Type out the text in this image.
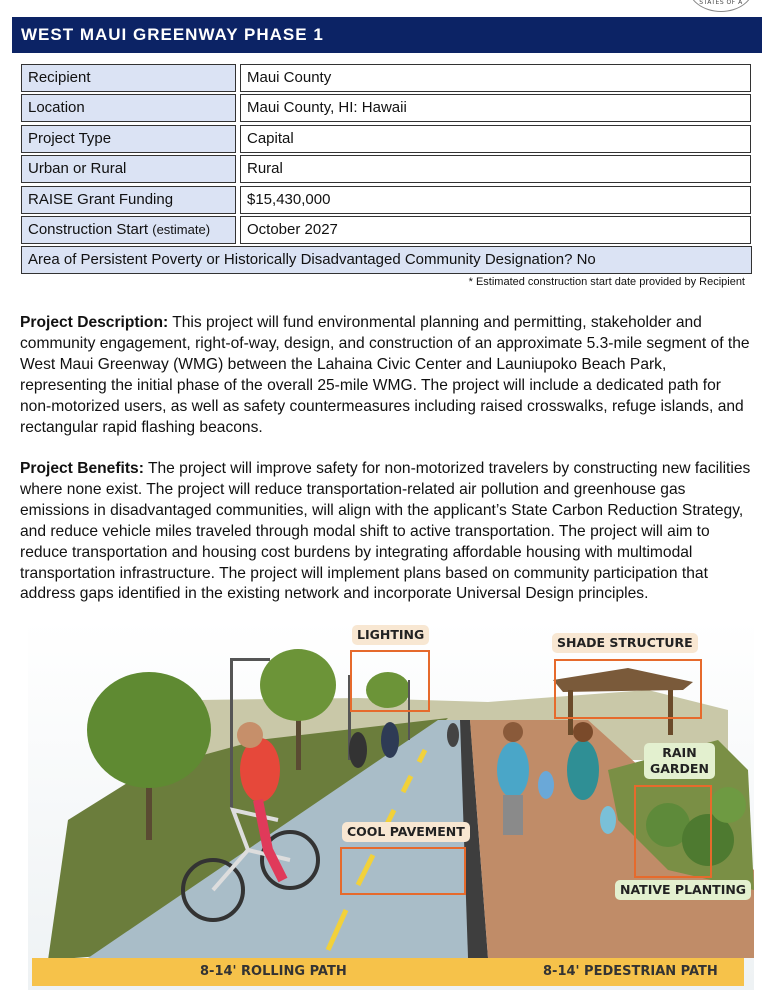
STATES OF A
WEST MAUI GREENWAY PHASE 1
Recipient	Maui County
Location	Maui County, HI: Hawaii
Project Type	Capital
Urban or Rural	Rural
RAISE Grant Funding	$15,430,000
Construction Start (estimate)	October 2027
Area of Persistent Poverty or Historically Disadvantaged Community Designation? No
* Estimated construction start date provided by Recipient

Project Description: This project will fund environmental planning and permitting, stakeholder and community engagement, right-of-way, design, and construction of an approximate 5.3-mile segment of the West Maui Greenway (WMG) between the Lahaina Civic Center and Launiupoko Beach Park, representing the initial phase of the overall 25-mile WMG. The project will include a dedicated path for non-motorized users, as well as safety countermeasures including raised crosswalks, refuge islands, and rectangular rapid flashing beacons.

Project Benefits: The project will improve safety for non-motorized travelers by constructing new facilities where none exist. The project will reduce transportation-related air pollution and greenhouse gas emissions in disadvantaged communities, will align with the applicant’s State Carbon Reduction Strategy, and reduce vehicle miles traveled through modal shift to active transportation. The project will aim to reduce transportation and housing cost burdens by integrating affordable housing with multimodal transportation infrastructure. The project will implement plans based on community participation that address gaps identified in the existing network and incorporate Universal Design principles.

LIGHTING
SHADE STRUCTURE
RAIN
GARDEN
COOL PAVEMENT
NATIVE PLANTING
8-14' ROLLING PATH	8-14' PEDESTRIAN PATH
